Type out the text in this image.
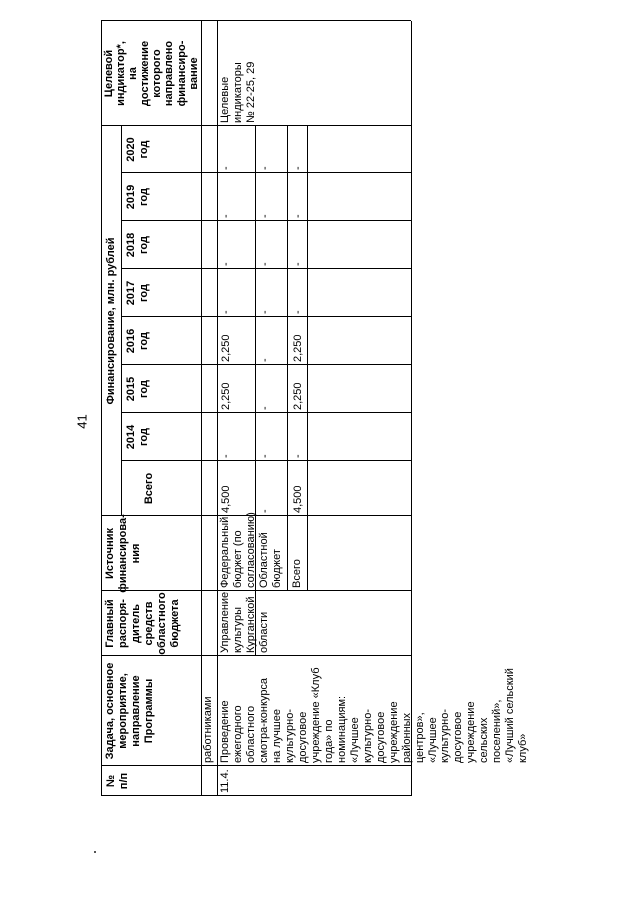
41
№
п/п
Задача, основное
мероприятие,
направление
Программы
Главный
распоря-
дитель
средств
областного
бюджета
Источник
финансирова-
ния
Финансирование, млн. рублей
Всего
2014
год
2015
год
2016
год
2017
год
2018
год
2019
год
2020
год
Целевой
индикатор*,
на
достижение
которого
направлено
финансиро-
вание
работниками
11.4.
Проведение
ежегодного
областного
смотра-конкурса
на лучшее
культурно-
досуговое
учреждение «Клуб
года» по
номинациям:
«Лучшее
культурно-
досуговое
учреждение
районных
центров»,
«Лучшее
культурно-
досуговое
учреждение
сельских
поселений»,
«Лучший сельский
клуб»
Управление
культуры
Курганской
области
Целевые
индикаторы
№ 22-25, 29
Федеральный
бюджет (по
согласованию)
4,500
-
2,250
2,250
-
-
-
-
Областной
бюджет
-
-
-
-
-
-
-
-
Всего
4,500
-
2,250
2,250
-
-
-
-
